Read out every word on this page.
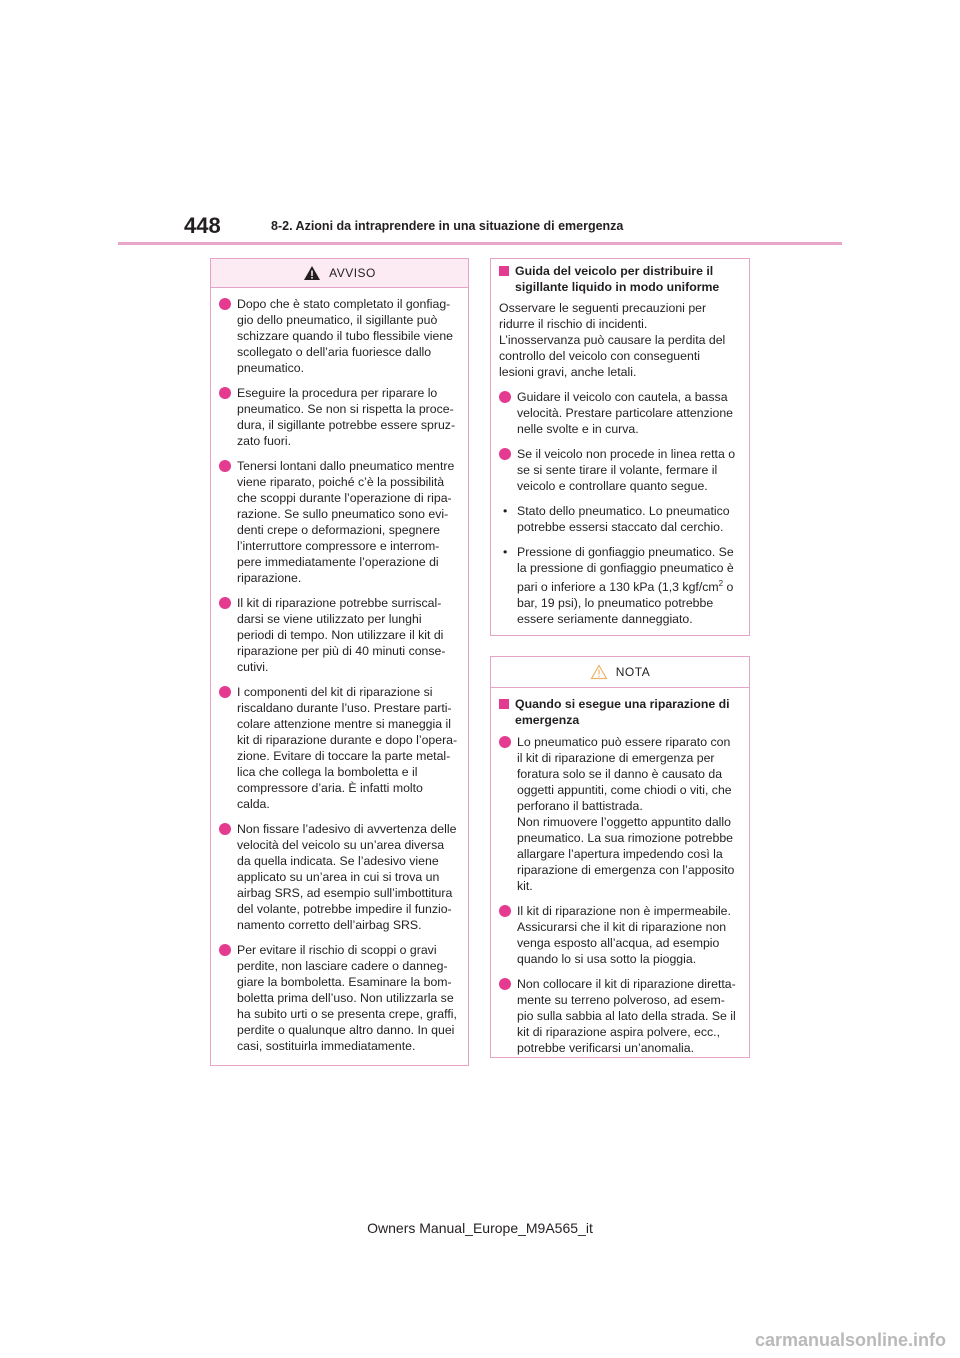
448	8-2. Azioni da intraprendere in una situazione di emergenza
AVVISO
Dopo che è stato completato il gonfiag-
gio dello pneumatico, il sigillante può
schizzare quando il tubo flessibile viene
scollegato o dell’aria fuoriesce dallo
pneumatico.
Eseguire la procedura per riparare lo
pneumatico. Se non si rispetta la proce-
dura, il sigillante potrebbe essere spruz-
zato fuori.
Tenersi lontani dallo pneumatico mentre
viene riparato, poiché c’è la possibilità
che scoppi durante l’operazione di ripa-
razione. Se sullo pneumatico sono evi-
denti crepe o deformazioni, spegnere
l’interruttore compressore e interrom-
pere immediatamente l’operazione di
riparazione.
Il kit di riparazione potrebbe surriscal-
darsi se viene utilizzato per lunghi
periodi di tempo. Non utilizzare il kit di
riparazione per più di 40 minuti conse-
cutivi.
I componenti del kit di riparazione si
riscaldano durante l’uso. Prestare parti-
colare attenzione mentre si maneggia il
kit di riparazione durante e dopo l’opera-
zione. Evitare di toccare la parte metal-
lica che collega la bomboletta e il
compressore d’aria. È infatti molto
calda.
Non fissare l’adesivo di avvertenza delle
velocità del veicolo su un’area diversa
da quella indicata. Se l’adesivo viene
applicato su un’area in cui si trova un
airbag SRS, ad esempio sull’imbottitura
del volante, potrebbe impedire il funzio-
namento corretto dell’airbag SRS.
Per evitare il rischio di scoppi o gravi
perdite, non lasciare cadere o danneg-
giare la bomboletta. Esaminare la bom-
boletta prima dell’uso. Non utilizzarla se
ha subito urti o se presenta crepe, graffi,
perdite o qualunque altro danno. In quei
casi, sostituirla immediatamente.
Guida del veicolo per distribuire il
sigillante liquido in modo uniforme
Osservare le seguenti precauzioni per
ridurre il rischio di incidenti.
L’inosservanza può causare la perdita del
controllo del veicolo con conseguenti
lesioni gravi, anche letali.
Guidare il veicolo con cautela, a bassa
velocità. Prestare particolare attenzione
nelle svolte e in curva.
Se il veicolo non procede in linea retta o
se si sente tirare il volante, fermare il
veicolo e controllare quanto segue.
• Stato dello pneumatico. Lo pneumatico
potrebbe essersi staccato dal cerchio.
• Pressione di gonfiaggio pneumatico. Se
la pressione di gonfiaggio pneumatico è
pari o inferiore a 130 kPa (1,3 kgf/$cm^2$ o
bar, 19 psi), lo pneumatico potrebbe
essere seriamente danneggiato.
NOTA
Quando si esegue una riparazione di
emergenza
Lo pneumatico può essere riparato con
il kit di riparazione di emergenza per
foratura solo se il danno è causato da
oggetti appuntiti, come chiodi o viti, che
perforano il battistrada.
Non rimuovere l’oggetto appuntito dallo
pneumatico. La sua rimozione potrebbe
allargare l’apertura impedendo così la
riparazione di emergenza con l’apposito
kit.
Il kit di riparazione non è impermeabile.
Assicurarsi che il kit di riparazione non
venga esposto all’acqua, ad esempio
quando lo si usa sotto la pioggia.
Non collocare il kit di riparazione diretta-
mente su terreno polveroso, ad esem-
pio sulla sabbia al lato della strada. Se il
kit di riparazione aspira polvere, ecc.,
potrebbe verificarsi un’anomalia.
Owners Manual_Europe_M9A565_it
carmanualsonline.info
